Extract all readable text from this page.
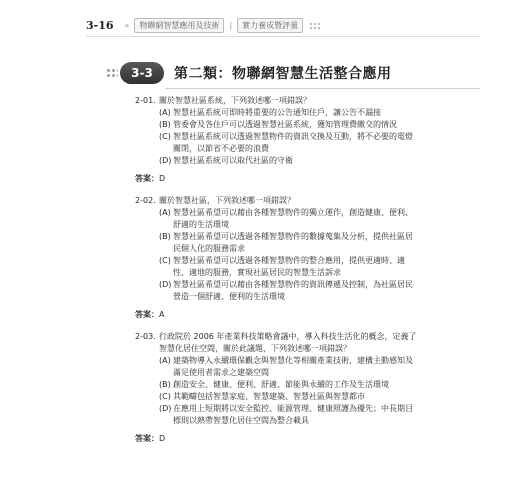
3-16 »	物聯網智慧應用及技術	|	實力養成暨評量
3-3 第二類：物聯網智慧生活整合應用
2-01. 關於智慧社區系統，下列敘述哪一項錯誤？
(A) 智慧社區系統可即時將重要的公告通知住戶，讓公告不漏接
(B) 管委會及各住戶可以透過智慧社區系統，獲知管理費繳交的情況
(C) 智慧社區系統可以透過智慧物件的資訊交換及互動，將不必要的電燈關閉，以節省不必要的浪費
(D) 智慧社區系統可以取代社區的守衛
答案：D
2-02. 關於智慧社區，下列敘述哪一項錯誤？
(A) 智慧社區希望可以藉由各種智慧物件的獨立運作，創造健康、便利、舒適的生活環境
(B) 智慧社區希望可以透過各種智慧物件的數據蒐集及分析，提供社區居民個人化的服務需求
(C) 智慧社區希望可以透過各種智慧物件的整合應用，提供更適時、適性、適地的服務，實現社區居民的智慧生活訴求
(D) 智慧社區希望可以藉由各種智慧物件的資訊傳遞及控制，為社區居民營造一個舒適、便利的生活環境
答案：A
2-03. 行政院於 2006 年產業科技策略會議中，導入科技生活化的概念，定義了智慧化居住空間，關於此議題，下列敘述哪一項錯誤？
(A) 建築物導入永續環保觀念與智慧化等相關產業技術，建構主動感知及滿足使用者需求之建築空間
(B) 創造安全、健康、便利、舒適、節能與永續的工作及生活環境
(C) 其範疇包括智慧家庭、智慧建築、智慧社區與智慧都市
(D) 在應用上短期將以安全監控、能源管理、健康照護為優先；中長期目標則以熱帶智慧化居住空間為整合載具
答案：D
